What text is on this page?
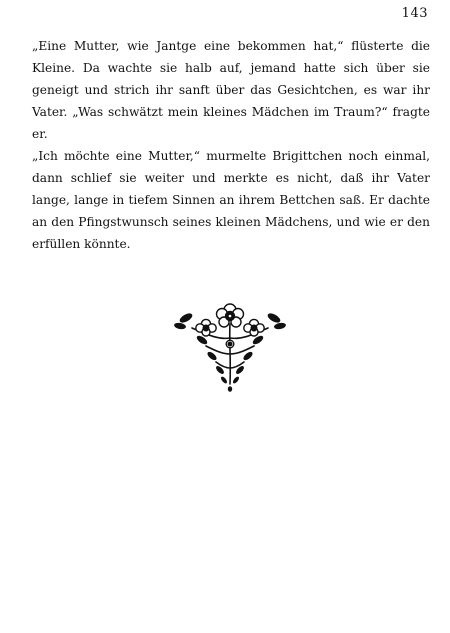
143

„Eine Mutter, wie Jantge eine bekommen hat,“ flüsterte die Kleine. Da wachte sie halb auf, jemand hatte sich über sie geneigt und strich ihr sanft über das Gesichtchen, es war ihr Vater. „Was schwätzt mein kleines Mädchen im Traum?“ fragte er.

„Ich möchte eine Mutter,“ murmelte Brigittchen noch einmal, dann schlief sie weiter und merkte es nicht, daß ihr Vater lange, lange in tiefem Sinnen an ihrem Bettchen saß. Er dachte an den Pfingstwunsch seines kleinen Mädchens, und wie er den erfüllen könnte.
